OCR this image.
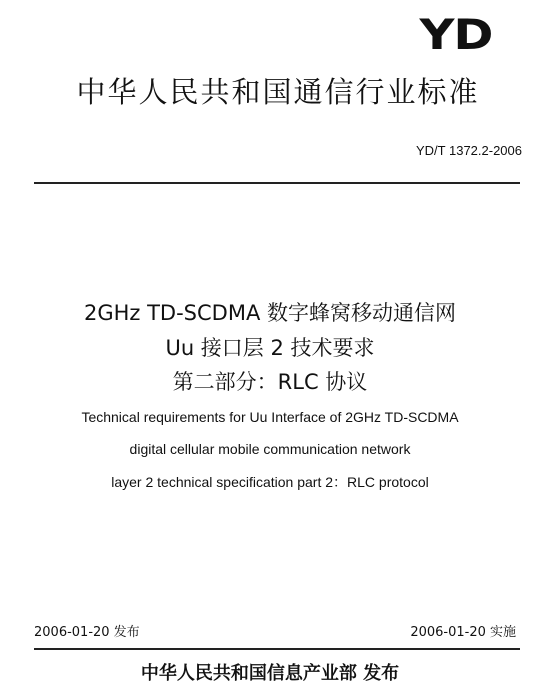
YD
中华人民共和国通信行业标准
YD/T 1372.2-2006
2GHz TD-SCDMA 数字蜂窝移动通信网
Uu 接口层 2 技术要求
第二部分：RLC 协议
Technical requirements for Uu Interface of 2GHz TD-SCDMA
digital cellular mobile communication network
layer 2 technical specification part 2：RLC protocol
2006-01-20 发布	2006-01-20 实施
中华人民共和国信息产业部 发布
